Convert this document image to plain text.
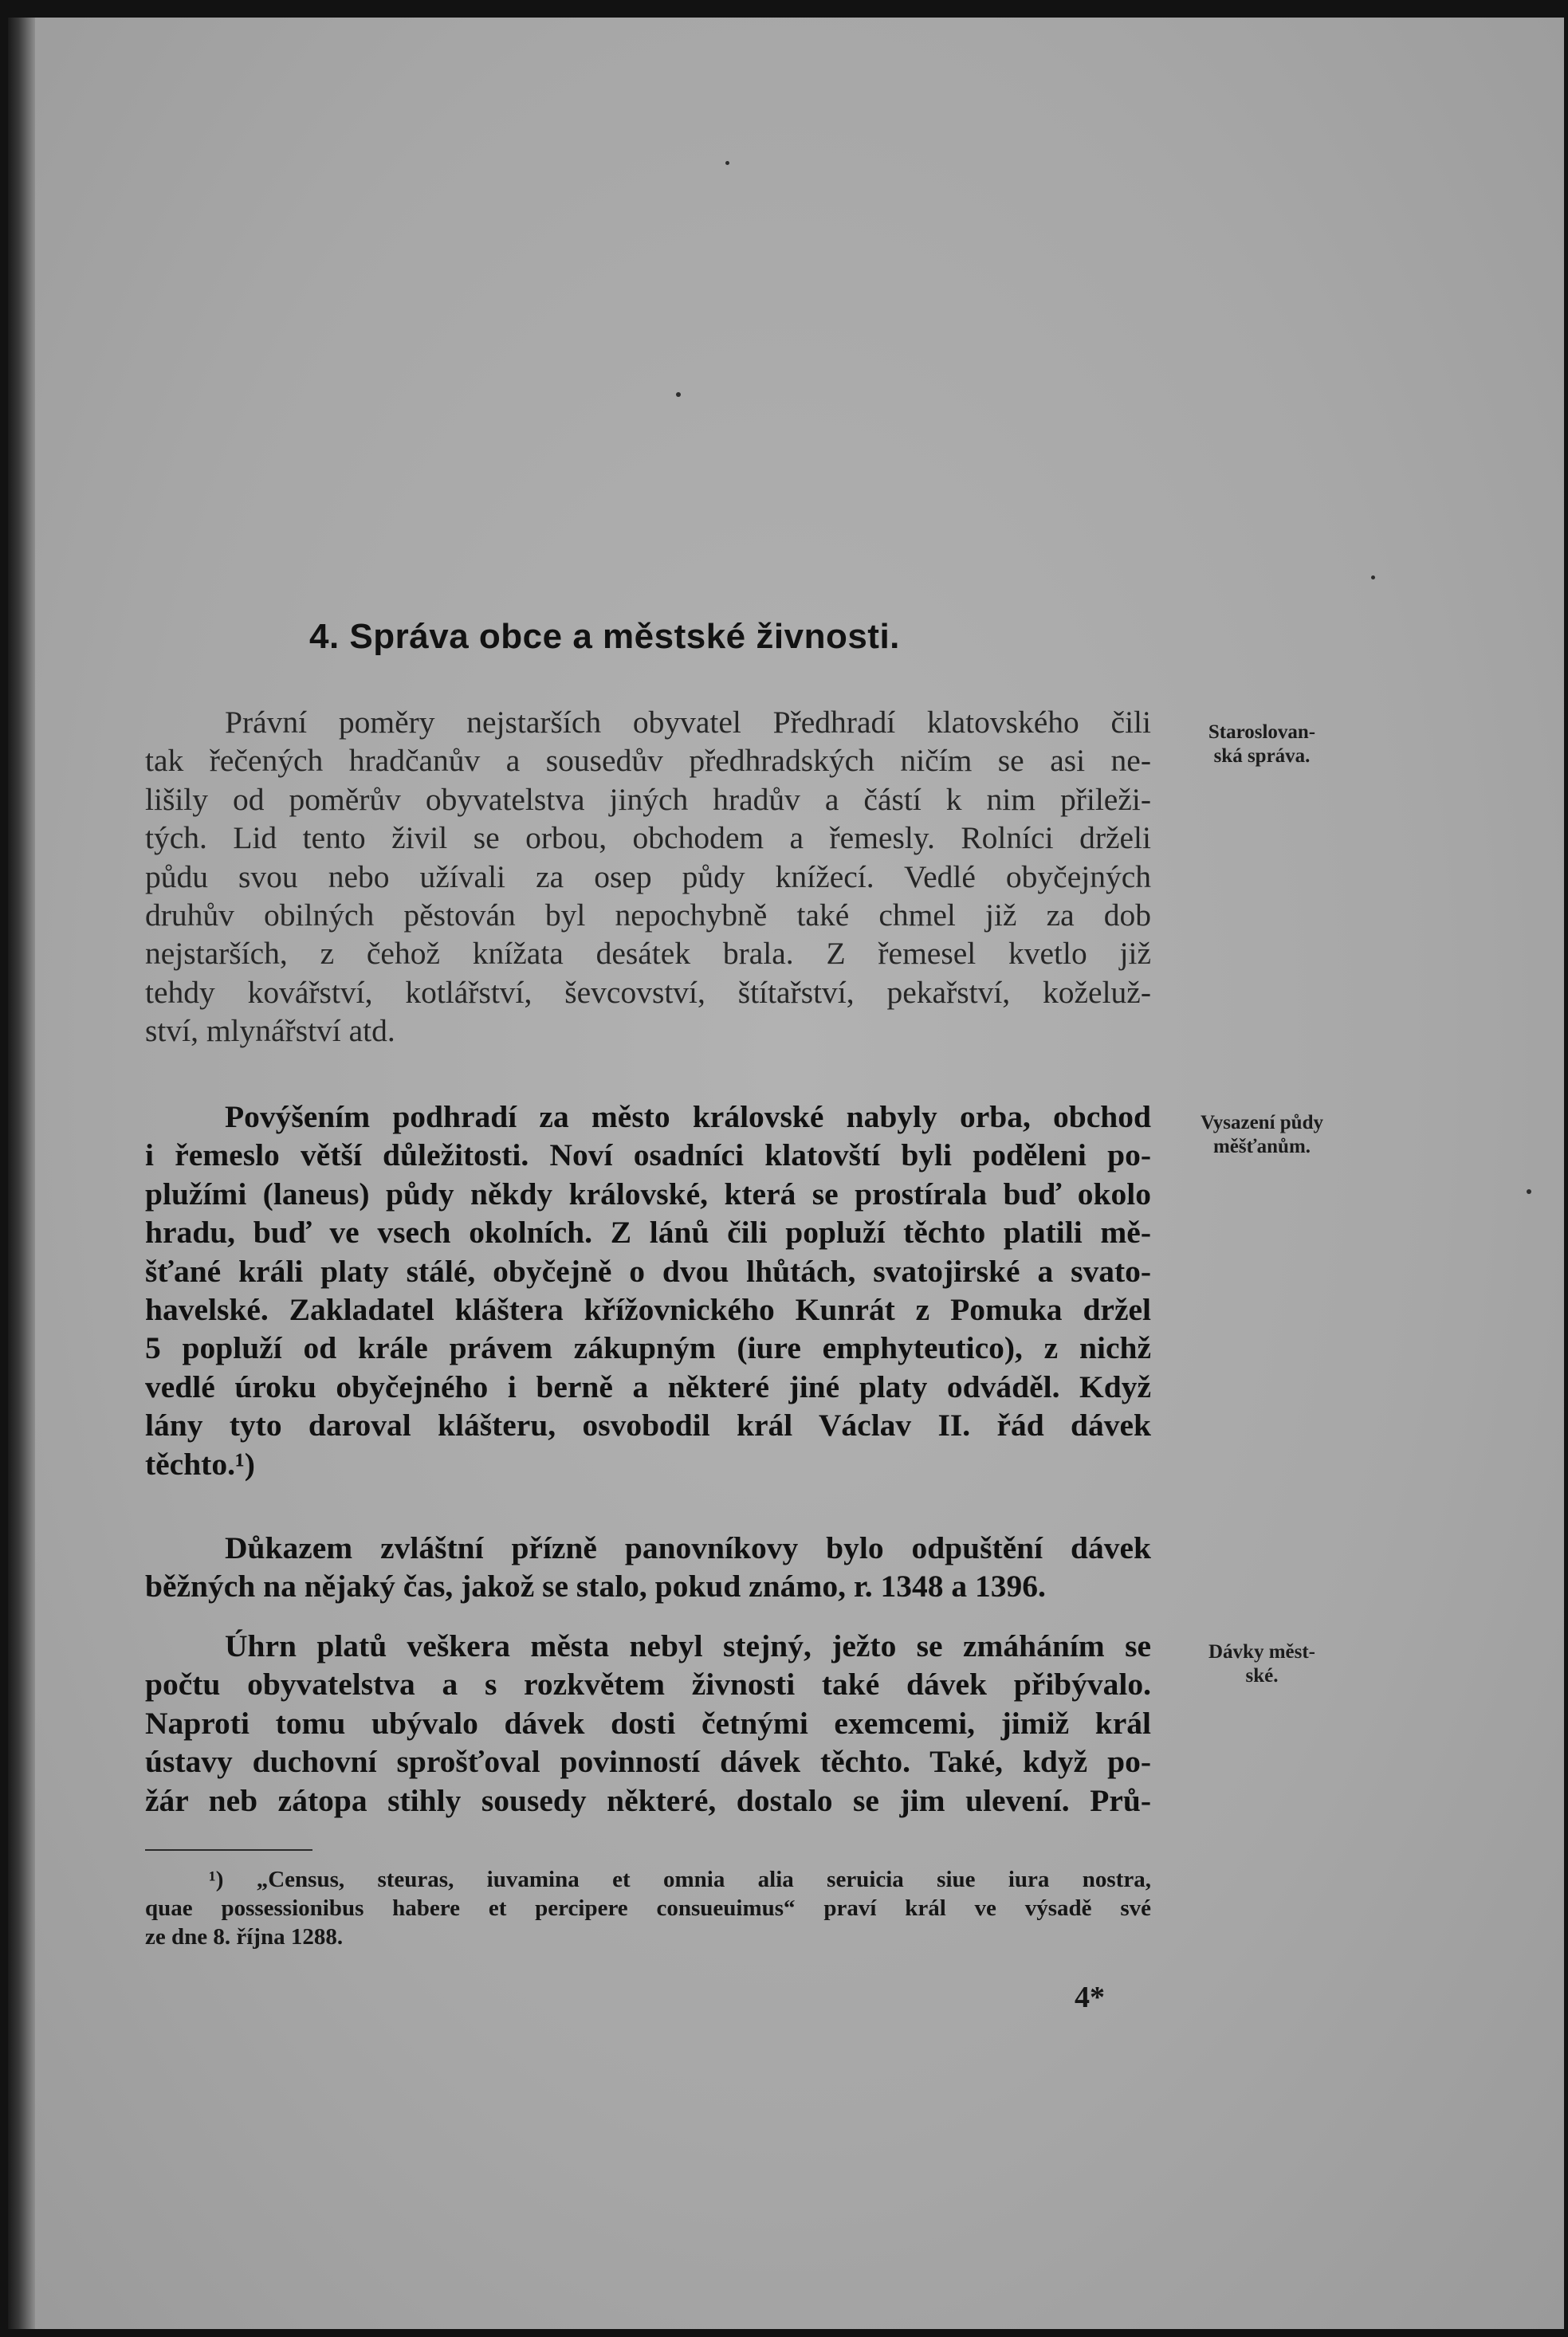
4. Správa obce a městské živnosti.
Právní poměry nejstarších obyvatel Předhradí klatovského čili
tak řečených hradčanův a sousedův předhradských ničím se asi ne-
lišily od poměrův obyvatelstva jiných hradův a částí k nim přileži-
tých. Lid tento živil se orbou, obchodem a řemesly. Rolníci drželi
půdu svou nebo užívali za osep půdy knížecí. Vedlé obyčejných
druhův obilných pěstován byl nepochybně také chmel již za dob
nejstarších, z čehož knížata desátek brala. Z řemesel kvetlo již
tehdy kovářství, kotlářství, ševcovství, štítařství, pekařství, koželuž-
ství, mlynářství atd.
Povýšením podhradí za město královské nabyly orba, obchod
i řemeslo větší důležitosti. Noví osadníci klatovští byli poděleni po-
plužími (laneus) půdy někdy královské, která se prostírala buď okolo
hradu, buď ve vsech okolních. Z lánů čili popluží těchto platili mě-
šťané králi platy stálé, obyčejně o dvou lhůtách, svatojirské a svato-
havelské. Zakladatel kláštera křížovnického Kunrát z Pomuka držel
5 popluží od krále právem zákupným (iure emphyteutico), z nichž
vedlé úroku obyčejného i berně a některé jiné platy odváděl. Když
lány tyto daroval klášteru, osvobodil král Václav II. řád dávek
těchto.¹)
Důkazem zvláštní přízně panovníkovy bylo odpuštění dávek
běžných na nějaký čas, jakož se stalo, pokud známo, r. 1348 a 1396.
Úhrn platů veškera města nebyl stejný, ježto se zmáháním se
počtu obyvatelstva a s rozkvětem živnosti také dávek přibývalo.
Naproti tomu ubývalo dávek dosti četnými exemcemi, jimiž král
ústavy duchovní sprošťoval povinností dávek těchto. Také, když po-
žár neb zátopa stihly sousedy některé, dostalo se jim ulevení. Prů-
Staroslovan-
ská správa.
Vysazení půdy
měšťanům.
Dávky měst-
ské.
¹) „Census, steuras, iuvamina et omnia alia seruicia siue iura nostra,
quae possessionibus habere et percipere consueuimus“ praví král ve výsadě své
ze dne 8. října 1288.
4*
